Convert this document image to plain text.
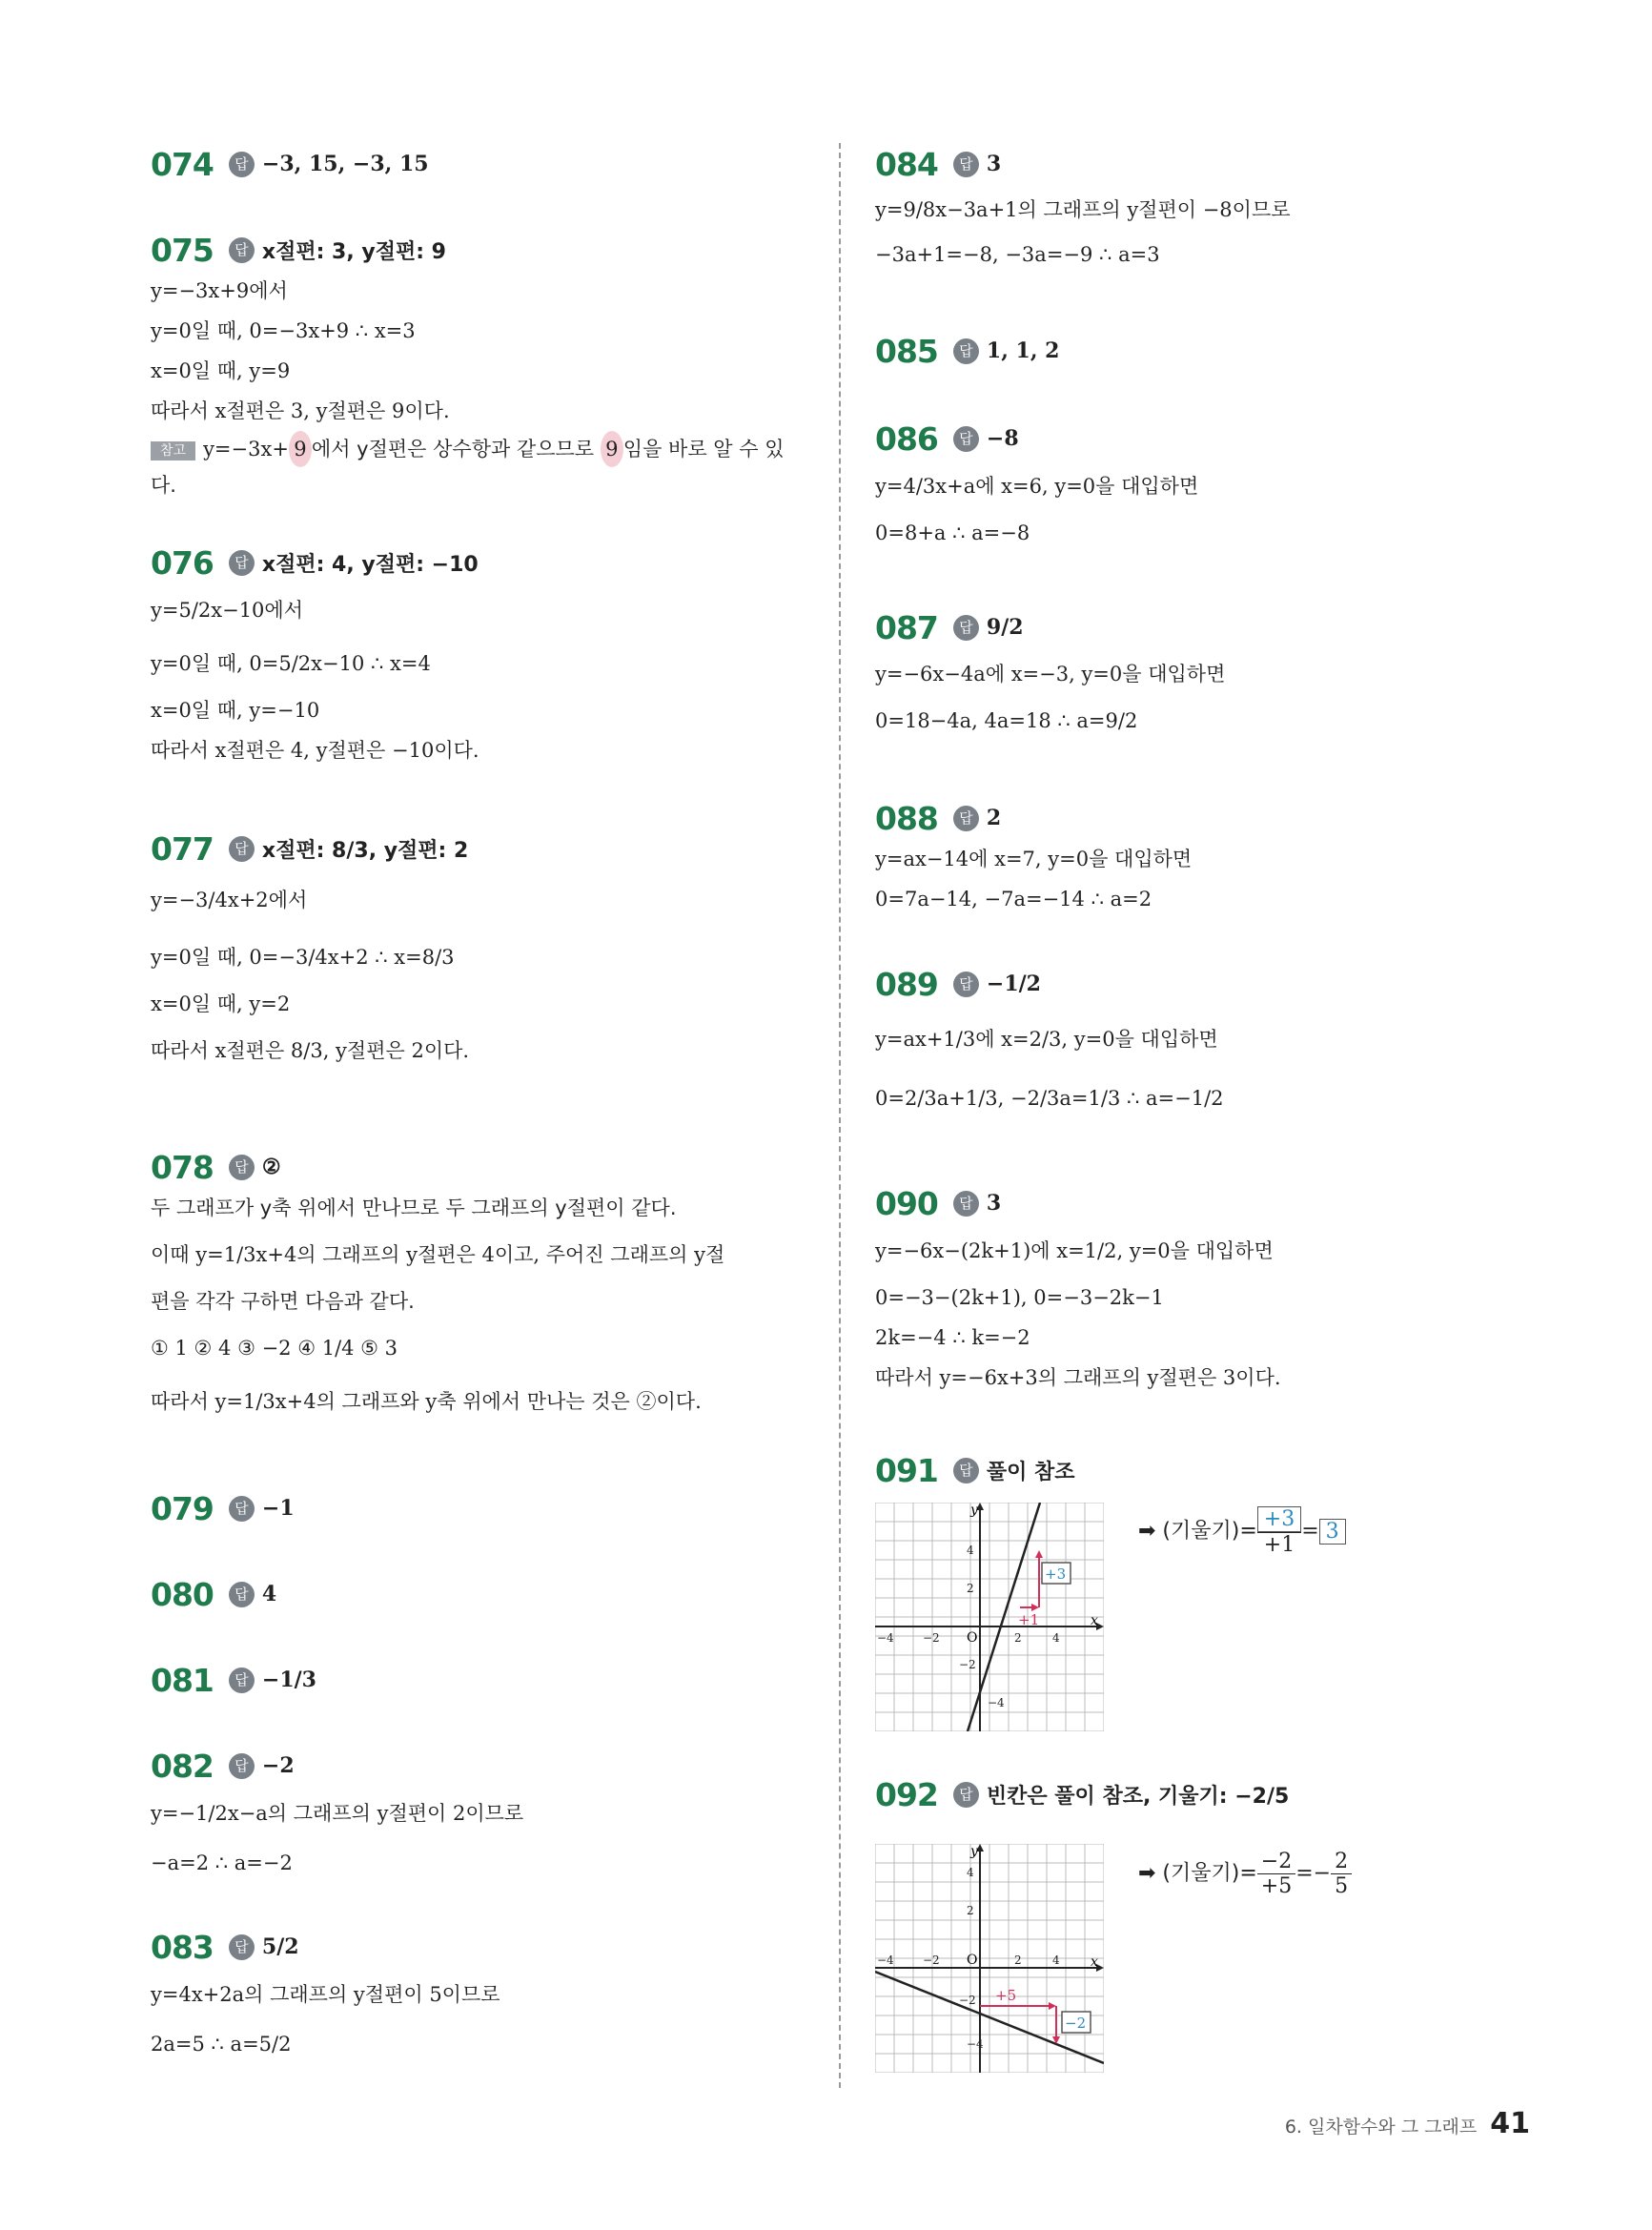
074	답 −3, 15, −3, 15
075	답 x절편: 3, y절편: 9
y=−3x+9에서
y=0일 때, 0=−3x+9 ∴ x=3
x=0일 때, y=9
따라서 x절편은 3, y절편은 9이다.
참고 y=−3x+ 9 에서 y절편은 상수항과 같으므로 9 임을 바로 알 수 있다.
076	답 x절편: 4, y절편: −10
y=5/2x−10에서
y=0일 때, 0=5/2x−10 ∴ x=4
x=0일 때, y=−10
따라서 x절편은 4, y절편은 −10이다.
077	답 x절편: 8/3, y절편: 2
y=−3/4x+2에서
y=0일 때, 0=−3/4x+2 ∴ x=8/3
x=0일 때, y=2
따라서 x절편은 8/3, y절편은 2이다.
078	답 ②
두 그래프가 y축 위에서 만나므로 두 그래프의 y절편이 같다.
이때 y=1/3x+4의 그래프의 y절편은 4이고, 주어진 그래프의 y절
편을 각각 구하면 다음과 같다.
① 1 ② 4 ③ −2 ④ 1/4 ⑤ 3
따라서 y=1/3x+4의 그래프와 y축 위에서 만나는 것은 ②이다.
079	답 −1
080	답 4
081	답 −1/3
082	답 −2
y=−1/2x−a의 그래프의 y절편이 2이므로
−a=2 ∴ a=−2
083	답 5/2
y=4x+2a의 그래프의 y절편이 5이므로
2a=5 ∴ a=5/2
084	답 3
y=9/8x−3a+1의 그래프의 y절편이 −8이므로
−3a+1=−8, −3a=−9 ∴ a=3
085	답 1, 1, 2
086	답 −8
y=4/3x+a에 x=6, y=0을 대입하면
0=8+a ∴ a=−8
087	답 9/2
y=−6x−4a에 x=−3, y=0을 대입하면
0=18−4a, 4a=18 ∴ a=9/2
088	답 2
y=ax−14에 x=7, y=0을 대입하면
0=7a−14, −7a=−14 ∴ a=2
089	답 −1/2
y=ax+1/3에 x=2/3, y=0을 대입하면
0=2/3a+1/3, −2/3a=1/3 ∴ a=−1/2
090	답 3
y=−6x−(2k+1)에 x=1/2, y=0을 대입하면
0=−3−(2k+1), 0=−3−2k−1
2k=−4 ∴ k=−2
따라서 y=−6x+3의 그래프의 y절편은 3이다.
091	답 풀이 참조
x
y
O
−4	−2	2	4
4
2
−2
−4
+3
+1
➡ (기울기)= $\frac{+3}{+1} = 3$
092	답 빈칸은 풀이 참조, 기울기: −2/5
x
y
O
−4	−2	2	4
4
2
−2
−4
−2
+5
➡ (기울기)= $\frac{-2}{+5} =- \frac{2}{5}$
6. 일차함수와 그 그래프 41
